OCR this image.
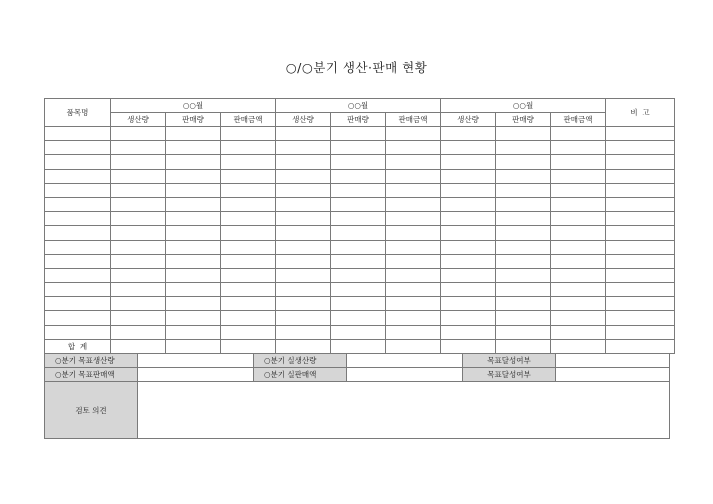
○/○분기 생산·판매 현황
품목명	○○월			○○월			○○월			비  고
	생산량	판매량	판매금액	생산량	판매량	판매금액	생산량	판매량	판매금액	

합  계										
○분기 목표생산량		○분기 실생산량		목표달성여부	
○분기 목표판매액		○분기 실판매액		목표달성여부	
검토 의견					
